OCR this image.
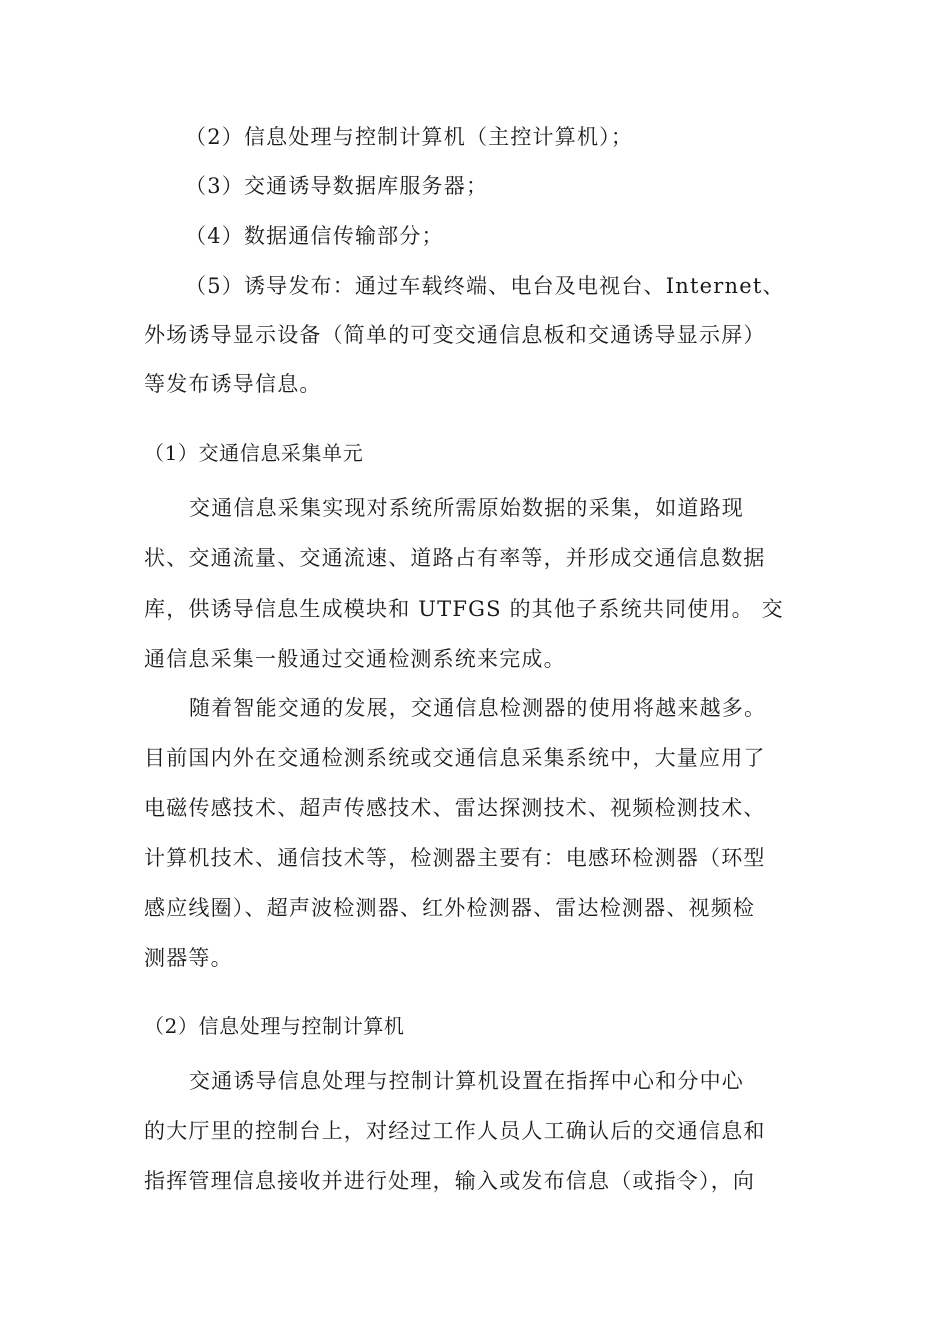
（2）信息处理与控制计算机（主控计算机）；
（3）交通诱导数据库服务器；
（4）数据通信传输部分；
（5）诱导发布：通过车载终端、电台及电视台、Internet、
外场诱导显示设备（简单的可变交通信息板和交通诱导显示屏）
等发布诱导信息。
（1）交通信息采集单元
交通信息采集实现对系统所需原始数据的采集，如道路现
状、交通流量、交通流速、道路占有率等，并形成交通信息数据
库，供诱导信息生成模块和 UTFGS 的其他子系统共同使用。 交
通信息采集一般通过交通检测系统来完成。
随着智能交通的发展，交通信息检测器的使用将越来越多。
目前国内外在交通检测系统或交通信息采集系统中，大量应用了
电磁传感技术、超声传感技术、雷达探测技术、视频检测技术、
计算机技术、通信技术等，检测器主要有：电感环检测器（环型
感应线圈）、超声波检测器、红外检测器、雷达检测器、视频检
测器等。
（2）信息处理与控制计算机
交通诱导信息处理与控制计算机设置在指挥中心和分中心
的大厅里的控制台上，对经过工作人员人工确认后的交通信息和
指挥管理信息接收并进行处理，输入或发布信息（或指令），向
